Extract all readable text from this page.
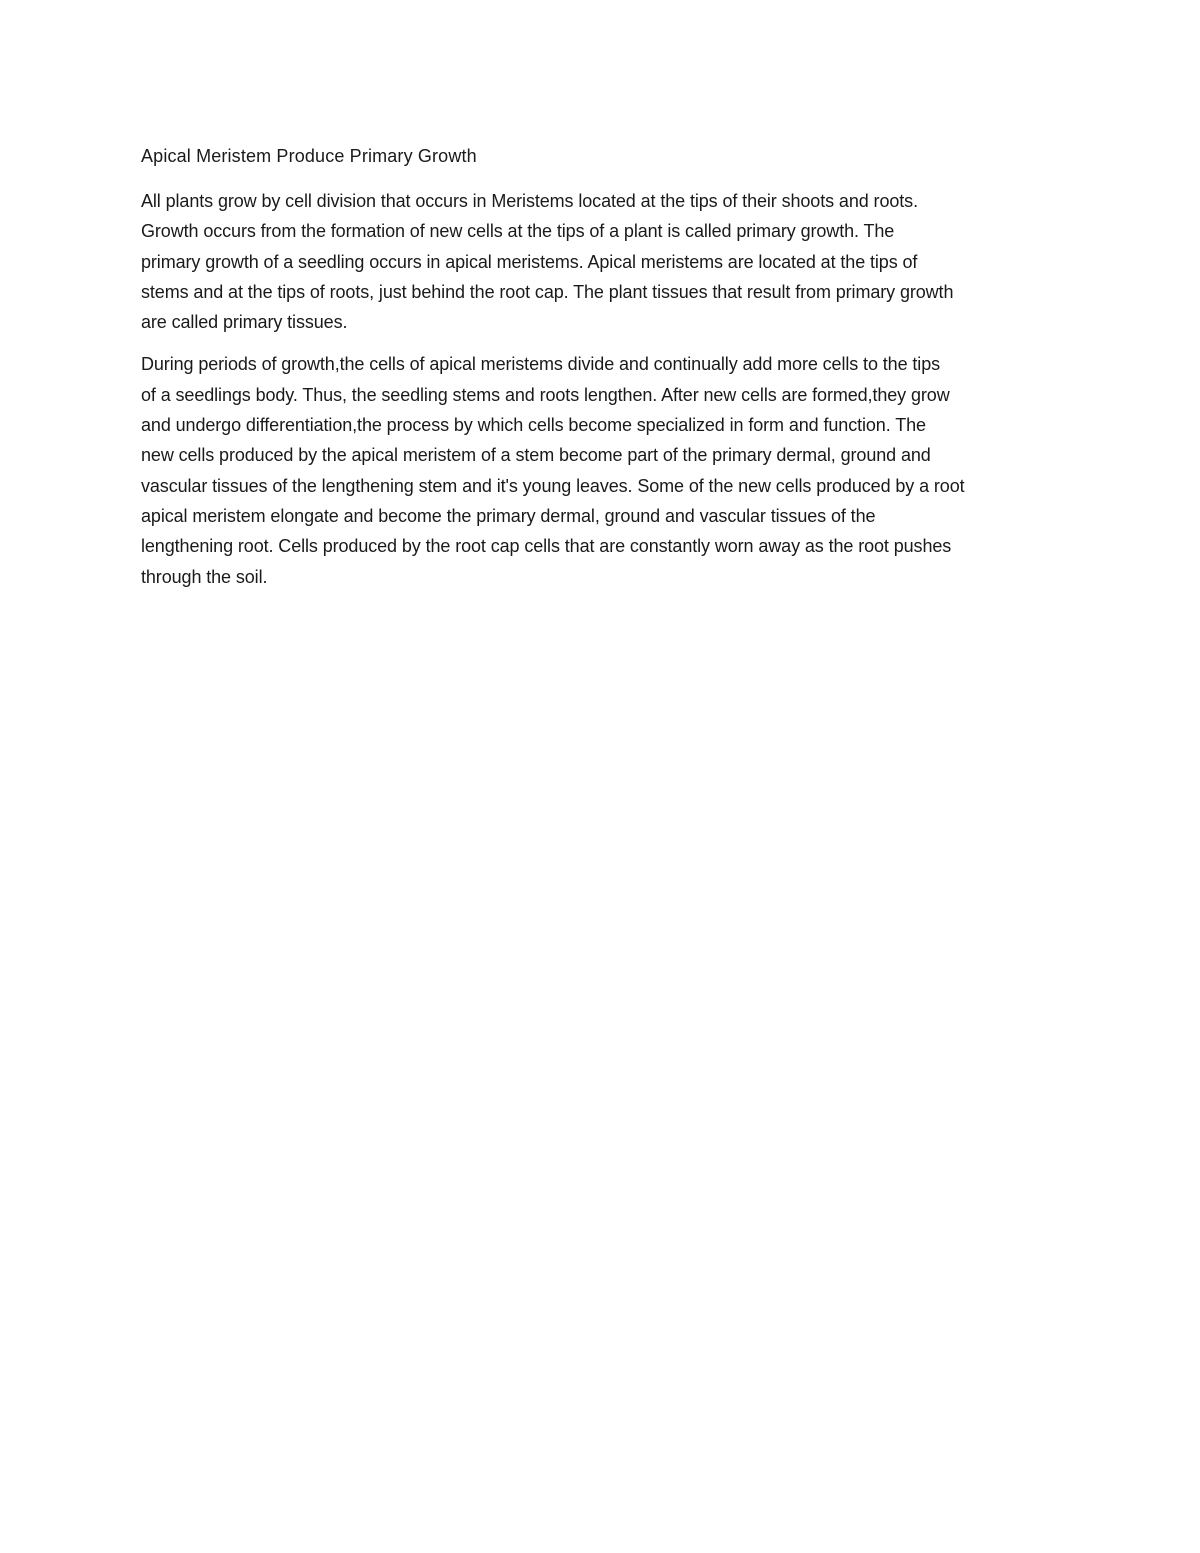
Apical Meristem Produce Primary Growth

All plants grow by cell division that occurs in Meristems located at the tips of their shoots and roots.
Growth occurs from the formation of new cells at the tips of a plant is called primary growth. The
primary growth of a seedling occurs in apical meristems. Apical meristems are located at the tips of
stems and at the tips of roots, just behind the root cap. The plant tissues that result from primary growth
are called primary tissues.

During periods of growth,the cells of apical meristems divide and continually add more cells to the tips
of a seedlings body. Thus, the seedling stems and roots lengthen. After new cells are formed,they grow
and undergo differentiation,the process by which cells become specialized in form and function. The
new cells produced by the apical meristem of a stem become part of the primary dermal, ground and
vascular tissues of the lengthening stem and it's young leaves. Some of the new cells produced by a root
apical meristem elongate and become the primary dermal, ground and vascular tissues of the
lengthening root. Cells produced by the root cap cells that are constantly worn away as the root pushes
through the soil.
